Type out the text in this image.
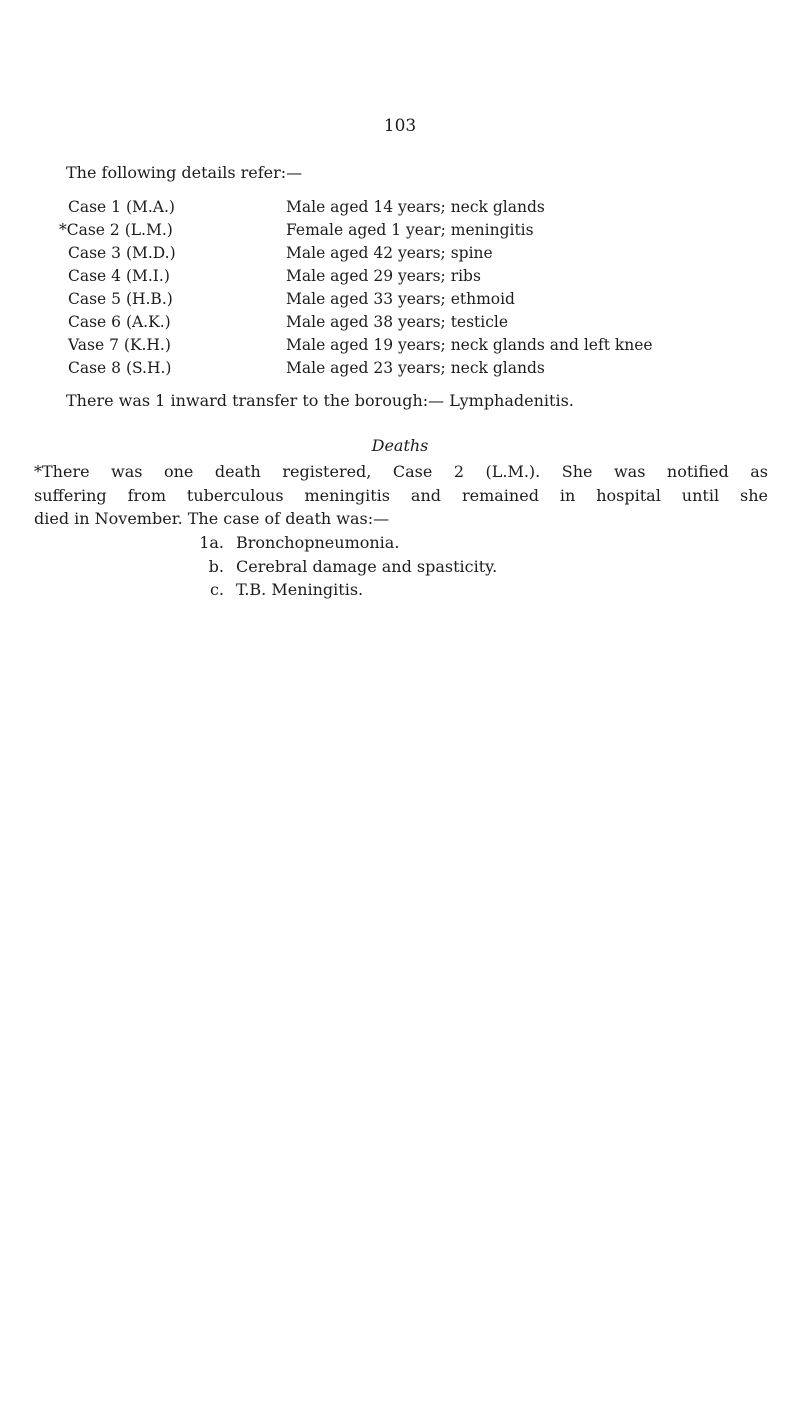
103
The following details refer:—
Case 1 (M.A.)	Male aged 14 years; neck glands
*Case 2 (L.M.)	Female aged 1 year; meningitis
Case 3 (M.D.)	Male aged 42 years; spine
Case 4 (M.I.)	Male aged 29 years; ribs
Case 5 (H.B.)	Male aged 33 years; ethmoid
Case 6 (A.K.)	Male aged 38 years; testicle
Vase 7 (K.H.)	Male aged 19 years; neck glands and left knee
Case 8 (S.H.)	Male aged 23 years; neck glands
There was 1 inward transfer to the borough:— Lymphadenitis.
Deaths
*There was one death registered, Case 2 (L.M.). She was notified as
suffering from tuberculous meningitis and remained in hospital until she
died in November. The case of death was:—
1a. Bronchopneumonia.
b. Cerebral damage and spasticity.
c. T.B. Meningitis.
